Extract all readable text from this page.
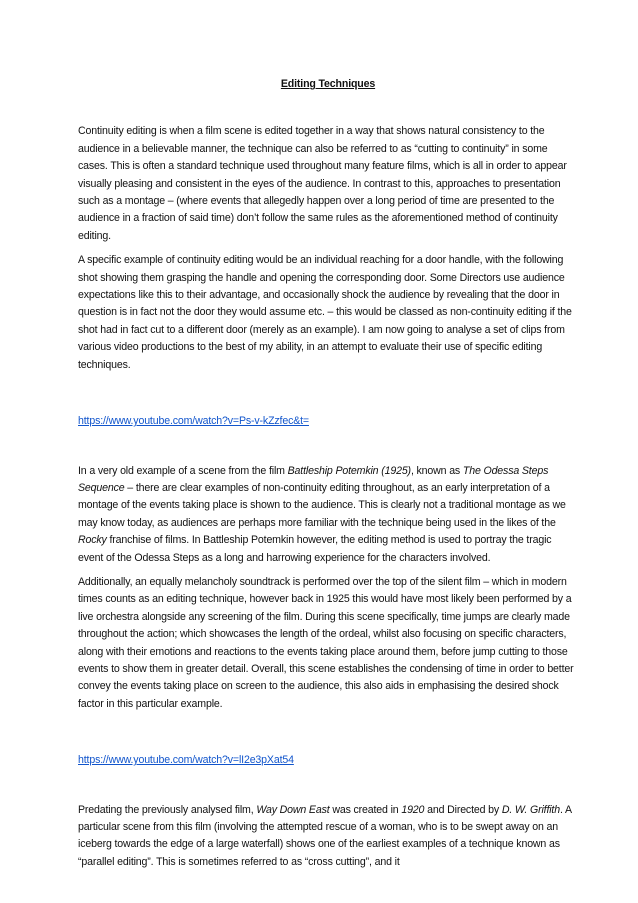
Editing Techniques

Continuity editing is when a film scene is edited together in a way that shows natural consistency to the audience in a believable manner, the technique can also be referred to as “cutting to continuity” in some cases. This is often a standard technique used throughout many feature films, which is all in order to appear visually pleasing and consistent in the eyes of the audience. In contrast to this, approaches to presentation such as a montage – (where events that allegedly happen over a long period of time are presented to the audience in a fraction of said time) don’t follow the same rules as the aforementioned method of continuity editing.

A specific example of continuity editing would be an individual reaching for a door handle, with the following shot showing them grasping the handle and opening the corresponding door. Some Directors use audience expectations like this to their advantage, and occasionally shock the audience by revealing that the door in question is in fact not the door they would assume etc. – this would be classed as non-continuity editing if the shot had in fact cut to a different door (merely as an example). I am now going to analyse a set of clips from various video productions to the best of my ability, in an attempt to evaluate their use of specific editing techniques.

https://www.youtube.com/watch?v=Ps-v-kZzfec&t=

In a very old example of a scene from the film Battleship Potemkin (1925), known as The Odessa Steps Sequence – there are clear examples of non-continuity editing throughout, as an early interpretation of a montage of the events taking place is shown to the audience. This is clearly not a traditional montage as we may know today, as audiences are perhaps more familiar with the technique being used in the likes of the Rocky franchise of films. In Battleship Potemkin however, the editing method is used to portray the tragic event of the Odessa Steps as a long and harrowing experience for the characters involved.

Additionally, an equally melancholy soundtrack is performed over the top of the silent film – which in modern times counts as an editing technique, however back in 1925 this would have most likely been performed by a live orchestra alongside any screening of the film. During this scene specifically, time jumps are clearly made throughout the action; which showcases the length of the ordeal, whilst also focusing on specific characters, along with their emotions and reactions to the events taking place around them, before jump cutting to those events to show them in greater detail. Overall, this scene establishes the condensing of time in order to better convey the events taking place on screen to the audience, this also aids in emphasising the desired shock factor in this particular example.

https://www.youtube.com/watch?v=lI2e3pXat54

Predating the previously analysed film, Way Down East was created in 1920 and Directed by D. W. Griffith. A particular scene from this film (involving the attempted rescue of a woman, who is to be swept away on an iceberg towards the edge of a large waterfall) shows one of the earliest examples of a technique known as “parallel editing”. This is sometimes referred to as “cross cutting”, and it
